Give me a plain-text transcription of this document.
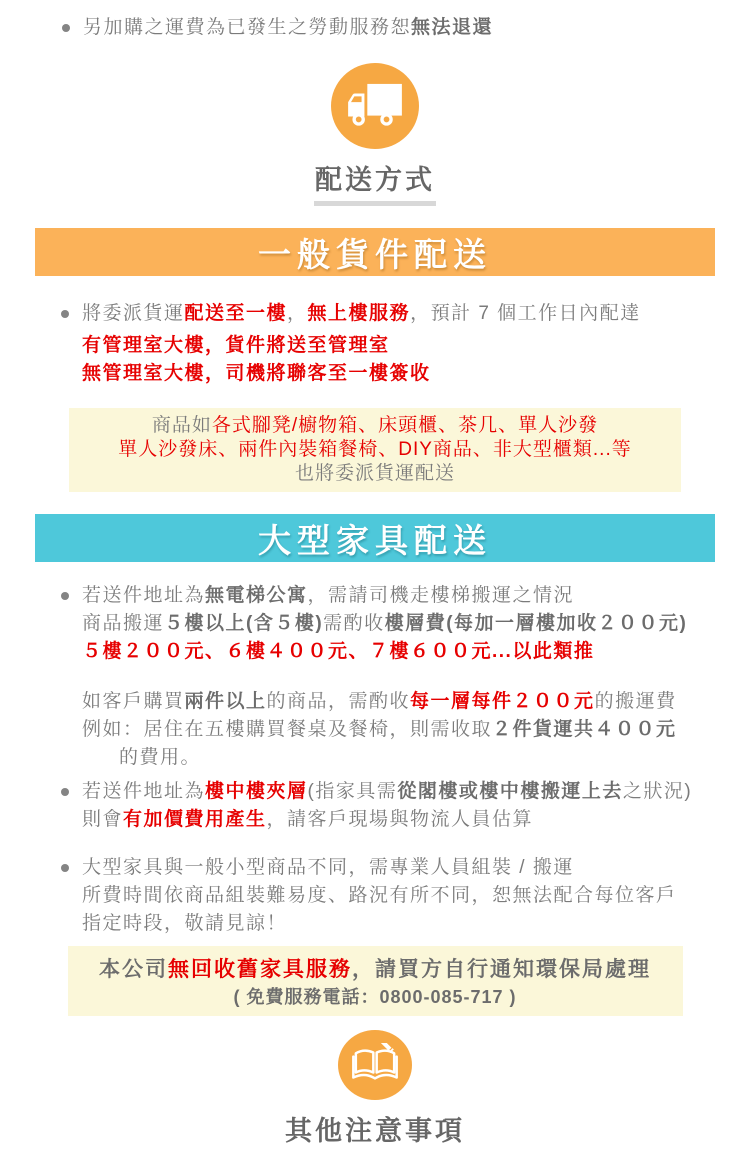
另加購之運費為已發生之勞動服務恕無法退還
配送方式
一般貨件配送
將委派貨運配送至一樓，無上樓服務，預計 7 個工作日內配達
有管理室大樓，貨件將送至管理室
無管理室大樓，司機將聯客至一樓簽收
商品如各式腳凳/櫥物箱、床頭櫃、茶几、單人沙發
單人沙發床、兩件內裝箱餐椅、DIY商品、非大型櫃類...等
也將委派貨運配送
大型家具配送
若送件地址為無電梯公寓，需請司機走樓梯搬運之情況
商品搬運５樓以上(含５樓)需酌收樓層費(每加一層樓加收２００元)
５樓２００元、６樓４００元、７樓６００元...以此類推
如客戶購買兩件以上的商品，需酌收每一層每件２００元的搬運費
例如：居住在五樓購買餐桌及餐椅，則需收取２件貨運共４００元
的費用。
若送件地址為樓中樓夾層(指家具需從閣樓或樓中樓搬運上去之狀況)
則會有加價費用產生，請客戶現場與物流人員估算
大型家具與一般小型商品不同，需專業人員組裝 / 搬運
所費時間依商品組裝難易度、路況有所不同，恕無法配合每位客戶
指定時段，敬請見諒！
本公司無回收舊家具服務，請買方自行通知環保局處理
( 免費服務電話：0800-085-717 )
其他注意事項
